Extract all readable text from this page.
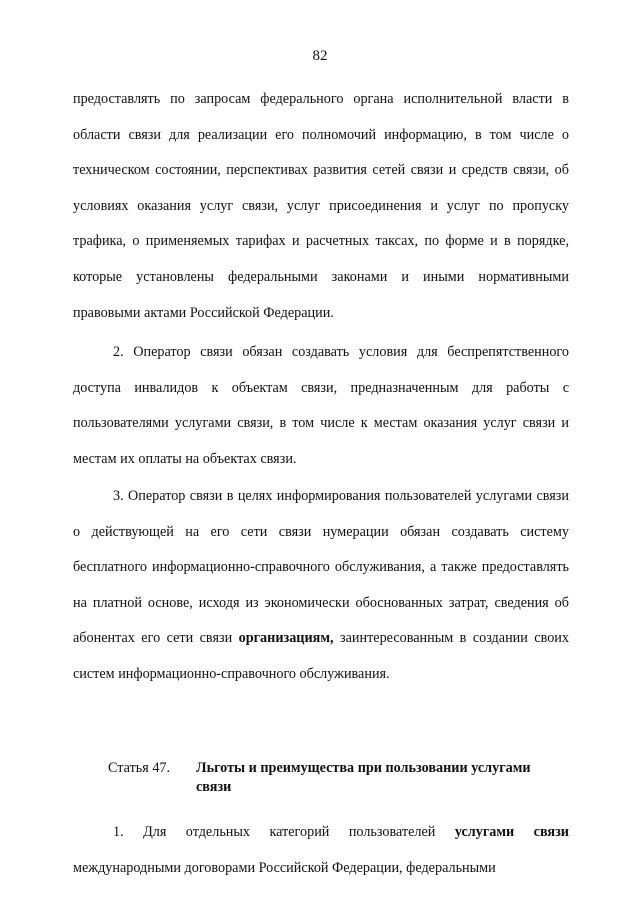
82

предоставлять по запросам федерального органа исполнительной власти в области связи для реализации его полномочий информацию, в том числе о техническом состоянии, перспективах развития сетей связи и средств связи, об условиях оказания услуг связи, услуг присоединения и услуг по пропуску трафика, о применяемых тарифах и расчетных таксах, по форме и в порядке, которые установлены федеральными законами и иными нормативными правовыми актами Российской Федерации.

2. Оператор связи обязан создавать условия для беспрепятственного доступа инвалидов к объектам связи, предназначенным для работы с пользователями услугами связи, в том числе к местам оказания услуг связи и местам их оплаты на объектах связи.

3. Оператор связи в целях информирования пользователей услугами связи о действующей на его сети связи нумерации обязан создавать систему бесплатного информационно-справочного обслуживания, а также предоставлять на платной основе, исходя из экономически обоснованных затрат, сведения об абонентах его сети связи организациям, заинтересованным в создании своих систем информационно-справочного обслуживания.

Статья 47. Льготы и преимущества при пользовании услугами связи

1. Для отдельных категорий пользователей услугами связи международными договорами Российской Федерации, федеральными
